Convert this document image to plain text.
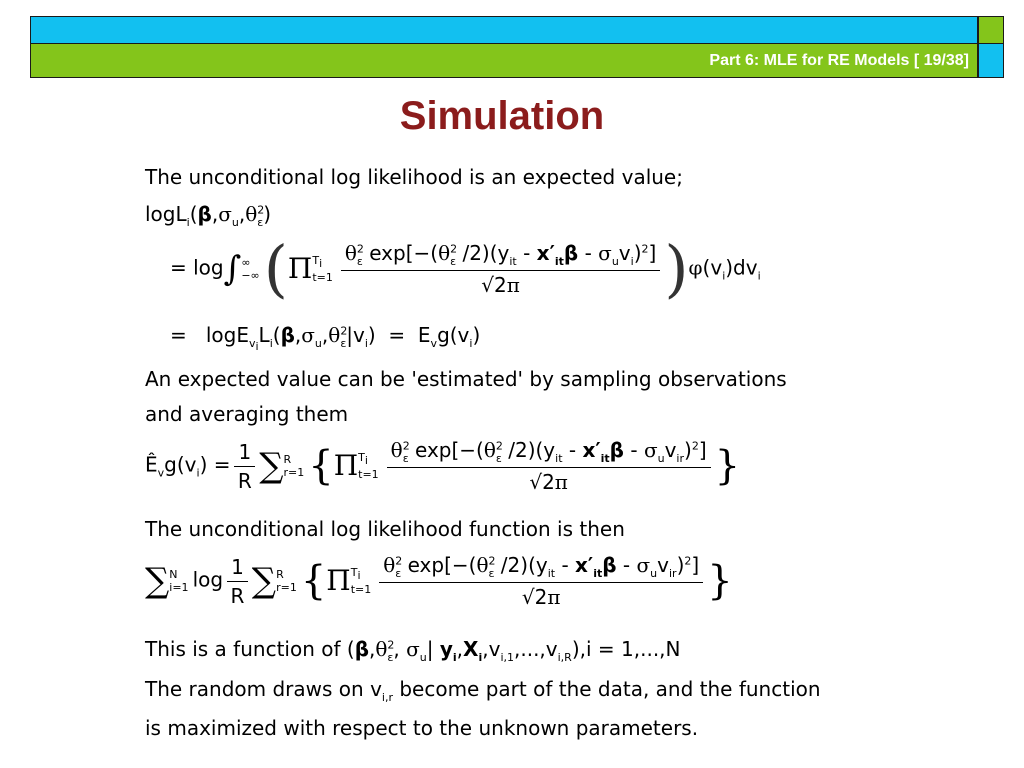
Part 6: MLE for RE Models [ 19/38]
Simulation
The unconditional log likelihood is an expected value;
$\log L_i(\beta,\sigma_u,\theta^2_\varepsilon)$
= log∫∞
$-\infty(\Pi T_i$
$t=1 \frac{\theta^2_\varepsilon \exp[-(\theta^2_\varepsilon /2)(y_{it} - x'_{it}\beta - \sigma_uv_i)^2]}{√2\pi} )\varphi(v_i)dv_i$
=   $\log E_{v_i}L_i(\beta,\sigma_u,\theta^2_\varepsilon|v_i) = E_vg(v_i)$
An expected value can be 'estimated' by sampling observations
and averaging them
$Ê_vg(v_i) = \frac{1}{R} \sum R$
r=1 {$\Pi T_i$
$t=1 \frac{\theta^2_\varepsilon \exp[-(\theta^2_\varepsilon /2)(y_{it} - x'_{it}\beta - \sigma_uv_{ir})^2]}{√2\pi}$ }
The unconditional log likelihood function is then
∑N
i=1 $\log \frac{1}{R} \sum R$
r=1 {$\Pi T_i$
$t=1 \frac{\theta^2_\varepsilon \exp[-(\theta^2_\varepsilon /2)(y_{it} - x'_{it}\beta - \sigma_uv_{ir})^2]}{√2\pi}$ }
This is a function of ($\beta,\theta^2_\varepsilon$, $\sigma_u|$ $y_i,X_i,v_{i,1},...,v_{i,R}),i = 1,...,N$
The random draws on $v_{i,r}$ become part of the data, and the function
is maximized with respect to the unknown parameters.
